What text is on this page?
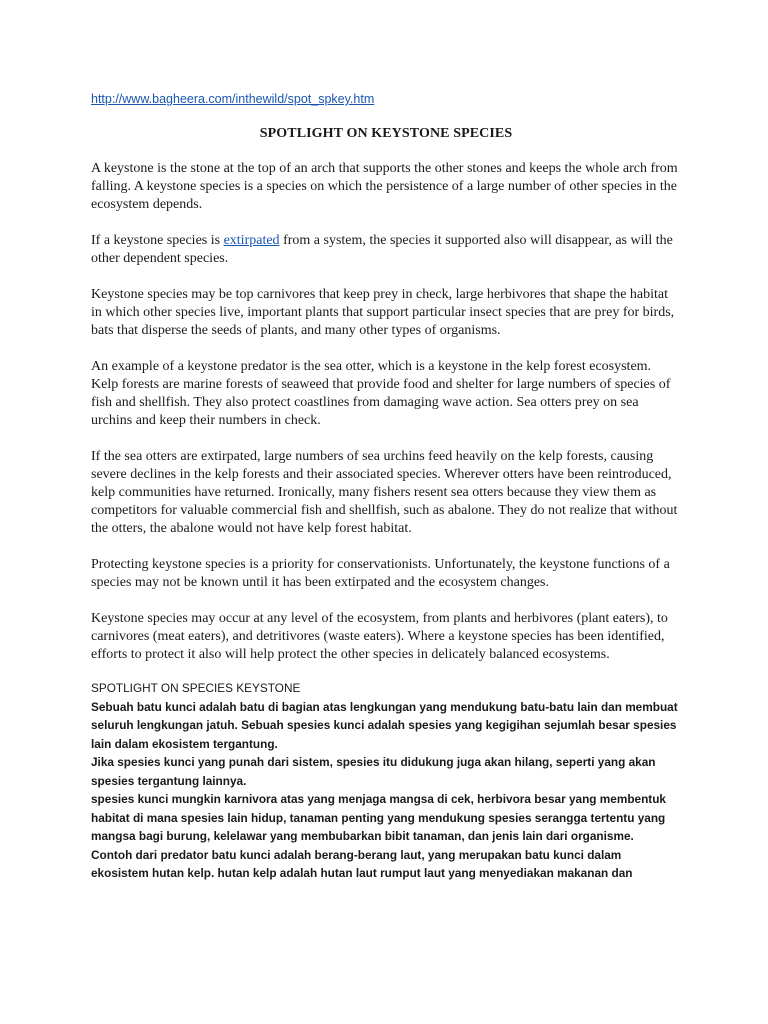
http://www.bagheera.com/inthewild/spot_spkey.htm
SPOTLIGHT ON KEYSTONE SPECIES

A keystone is the stone at the top of an arch that supports the other stones and keeps the whole arch from falling. A keystone species is a species on which the persistence of a large number of other species in the ecosystem depends.

If a keystone species is extirpated from a system, the species it supported also will disappear, as will the other dependent species.

Keystone species may be top carnivores that keep prey in check, large herbivores that shape the habitat in which other species live, important plants that support particular insect species that are prey for birds, bats that disperse the seeds of plants, and many other types of organisms.

An example of a keystone predator is the sea otter, which is a keystone in the kelp forest ecosystem. Kelp forests are marine forests of seaweed that provide food and shelter for large numbers of species of fish and shellfish. They also protect coastlines from damaging wave action. Sea otters prey on sea urchins and keep their numbers in check.

If the sea otters are extirpated, large numbers of sea urchins feed heavily on the kelp forests, causing severe declines in the kelp forests and their associated species. Wherever otters have been reintroduced, kelp communities have returned. Ironically, many fishers resent sea otters because they view them as competitors for valuable commercial fish and shellfish, such as abalone. They do not realize that without the otters, the abalone would not have kelp forest habitat.

Protecting keystone species is a priority for conservationists. Unfortunately, the keystone functions of a species may not be known until it has been extirpated and the ecosystem changes.

Keystone species may occur at any level of the ecosystem, from plants and herbivores (plant eaters), to carnivores (meat eaters), and detritivores (waste eaters). Where a keystone species has been identified, efforts to protect it also will help protect the other species in delicately balanced ecosystems.

SPOTLIGHT ON SPECIES KEYSTONE

Sebuah batu kunci adalah batu di bagian atas lengkungan yang mendukung batu-batu lain dan membuat seluruh lengkungan jatuh. Sebuah spesies kunci adalah spesies yang kegigihan sejumlah besar spesies lain dalam ekosistem tergantung.

Jika spesies kunci yang punah dari sistem, spesies itu didukung juga akan hilang, seperti yang akan spesies tergantung lainnya.

spesies kunci mungkin karnivora atas yang menjaga mangsa di cek, herbivora besar yang membentuk habitat di mana spesies lain hidup, tanaman penting yang mendukung spesies serangga tertentu yang mangsa bagi burung, kelelawar yang membubarkan bibit tanaman, dan jenis lain dari organisme.

Contoh dari predator batu kunci adalah berang-berang laut, yang merupakan batu kunci dalam ekosistem hutan kelp. hutan kelp adalah hutan laut rumput laut yang menyediakan makanan dan
